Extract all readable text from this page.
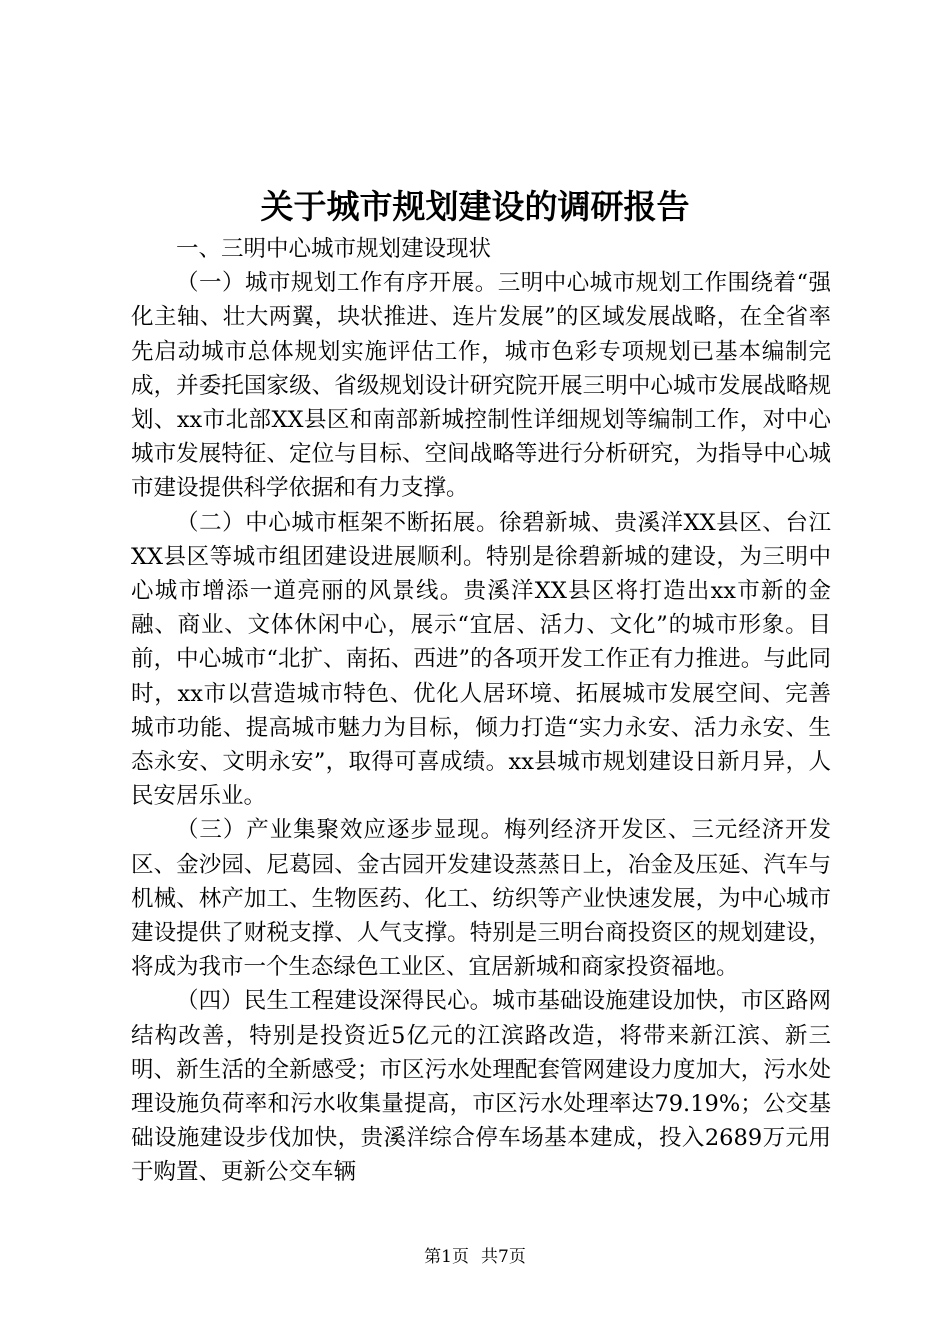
关于城市规划建设的调研报告

一、三明中心城市规划建设现状

（一）城市规划工作有序开展。三明中心城市规划工作围绕着“强化主轴、壮大两翼，块状推进、连片发展”的区域发展战略，在全省率先启动城市总体规划实施评估工作，城市色彩专项规划已基本编制完成，并委托国家级、省级规划设计研究院开展三明中心城市发展战略规划、xx市北部XX县区和南部新城控制性详细规划等编制工作，对中心城市发展特征、定位与目标、空间战略等进行分析研究，为指导中心城市建设提供科学依据和有力支撑。

（二）中心城市框架不断拓展。徐碧新城、贵溪洋XX县区、台江XX县区等城市组团建设进展顺利。特别是徐碧新城的建设，为三明中心城市增添一道亮丽的风景线。贵溪洋XX县区将打造出xx市新的金融、商业、文体休闲中心，展示“宜居、活力、文化”的城市形象。目前，中心城市“北扩、南拓、西进”的各项开发工作正有力推进。与此同时，xx市以营造城市特色、优化人居环境、拓展城市发展空间、完善城市功能、提高城市魅力为目标，倾力打造“实力永安、活力永安、生态永安、文明永安”，取得可喜成绩。xx县城市规划建设日新月异，人民安居乐业。

（三）产业集聚效应逐步显现。梅列经济开发区、三元经济开发区、金沙园、尼葛园、金古园开发建设蒸蒸日上，冶金及压延、汽车与机械、林产加工、生物医药、化工、纺织等产业快速发展，为中心城市建设提供了财税支撑、人气支撑。特别是三明台商投资区的规划建设，将成为我市一个生态绿色工业区、宜居新城和商家投资福地。

（四）民生工程建设深得民心。城市基础设施建设加快，市区路网结构改善，特别是投资近5亿元的江滨路改造，将带来新江滨、新三明、新生活的全新感受；市区污水处理配套管网建设力度加大，污水处理设施负荷率和污水收集量提高，市区污水处理率达79.19%；公交基础设施建设步伐加快，贵溪洋综合停车场基本建成，投入2689万元用于购置、更新公交车辆

第1页 共7页
